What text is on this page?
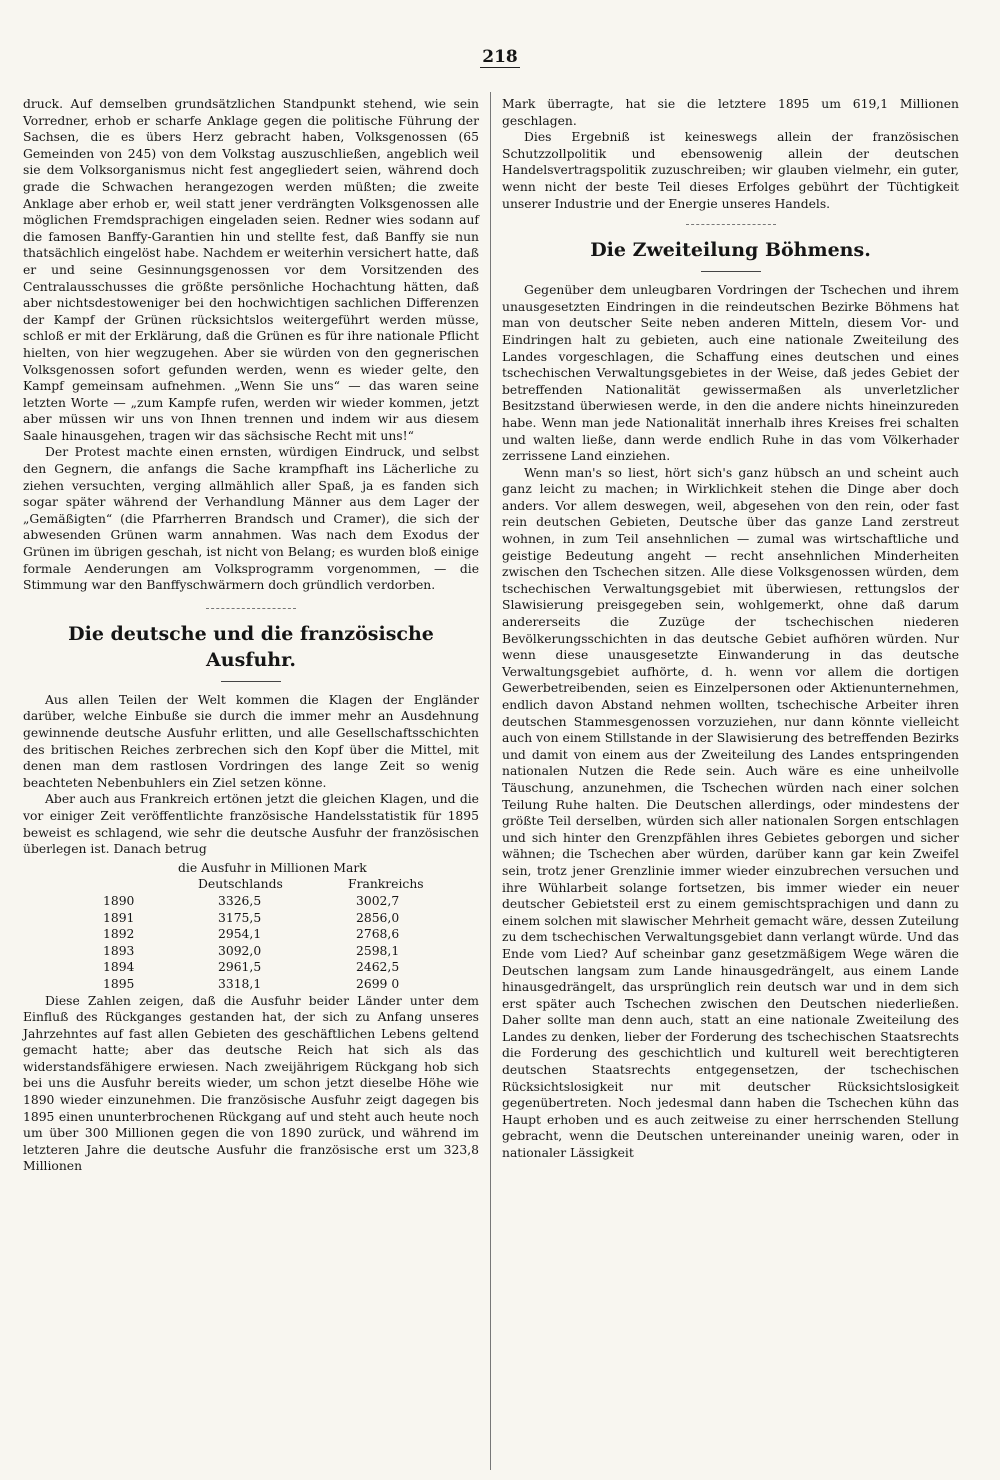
218

druck. Auf demselben grundsätzlichen Standpunkt stehend, wie sein Vorredner, erhob er scharfe Anklage gegen die politische Führung der Sachsen, die es übers Herz gebracht haben, Volksgenossen (65 Gemeinden von 245) von dem Volkstag auszuschließen, angeblich weil sie dem Volksorganismus nicht fest angegliedert seien, während doch grade die Schwachen herangezogen werden müßten; die zweite Anklage aber erhob er, weil statt jener verdrängten Volksgenossen alle möglichen Fremdsprachigen eingeladen seien. Redner wies sodann auf die famosen Banffy-Garantien hin und stellte fest, daß Banffy sie nun thatsächlich eingelöst habe. Nachdem er weiterhin versichert hatte, daß er und seine Gesinnungsgenossen vor dem Vorsitzenden des Centralausschusses die größte persönliche Hochachtung hätten, daß aber nichtsdestoweniger bei den hochwichtigen sachlichen Differenzen der Kampf der Grünen rücksichtslos weitergeführt werden müsse, schloß er mit der Erklärung, daß die Grünen es für ihre nationale Pflicht hielten, von hier wegzugehen. Aber sie würden von den gegnerischen Volksgenossen sofort gefunden werden, wenn es wieder gelte, den Kampf gemeinsam aufnehmen. „Wenn Sie uns“ — das waren seine letzten Worte — „zum Kampfe rufen, werden wir wieder kommen, jetzt aber müssen wir uns von Ihnen trennen und indem wir aus diesem Saale hinausgehen, tragen wir das sächsische Recht mit uns!“

Der Protest machte einen ernsten, würdigen Eindruck, und selbst den Gegnern, die anfangs die Sache krampfhaft ins Lächerliche zu ziehen versuchten, verging allmählich aller Spaß, ja es fanden sich sogar später während der Verhandlung Männer aus dem Lager der „Gemäßigten“ (die Pfarrherren Brandsch und Cramer), die sich der abwesenden Grünen warm annahmen. Was nach dem Exodus der Grünen im übrigen geschah, ist nicht von Belang; es wurden bloß einige formale Aenderungen am Volksprogramm vorgenommen, — die Stimmung war den Banffyschwärmern doch gründlich verdorben.

Die deutsche und die französische Ausfuhr.

Aus allen Teilen der Welt kommen die Klagen der Engländer darüber, welche Einbuße sie durch die immer mehr an Ausdehnung gewinnende deutsche Ausfuhr erlitten, und alle Gesellschaftsschichten des britischen Reiches zerbrechen sich den Kopf über die Mittel, mit denen man dem rastlosen Vordringen des lange Zeit so wenig beachteten Nebenbuhlers ein Ziel setzen könne.

Aber auch aus Frankreich ertönen jetzt die gleichen Klagen, und die vor einiger Zeit veröffentlichte französische Handelsstatistik für 1895 beweist es schlagend, wie sehr die deutsche Ausfuhr der französischen überlegen ist. Danach betrug

die Ausfuhr in Millionen Mark
	Deutschlands	Frankreichs
1890	3326,5	3002,7
1891	3175,5	2856,0
1892	2954,1	2768,6
1893	3092,0	2598,1
1894	2961,5	2462,5
1895	3318,1	2699 0

Diese Zahlen zeigen, daß die Ausfuhr beider Länder unter dem Einfluß des Rückganges gestanden hat, der sich zu Anfang unseres Jahrzehntes auf fast allen Gebieten des geschäftlichen Lebens geltend gemacht hatte; aber das deutsche Reich hat sich als das widerstandsfähigere erwiesen. Nach zweijährigem Rückgang hob sich bei uns die Ausfuhr bereits wieder, um schon jetzt dieselbe Höhe wie 1890 wieder einzunehmen. Die französische Ausfuhr zeigt dagegen bis 1895 einen ununterbrochenen Rückgang auf und steht auch heute noch um über 300 Millionen gegen die von 1890 zurück, und während im letzteren Jahre die deutsche Ausfuhr die französische erst um 323,8 Millionen

Mark überragte, hat sie die letztere 1895 um 619,1 Millionen geschlagen.

Dies Ergebniß ist keineswegs allein der französischen Schutzzollpolitik und ebensowenig allein der deutschen Handelsvertragspolitik zuzuschreiben; wir glauben vielmehr, ein guter, wenn nicht der beste Teil dieses Erfolges gebührt der Tüchtigkeit unserer Industrie und der Energie unseres Handels.

Die Zweiteilung Böhmens.

Gegenüber dem unleugbaren Vordringen der Tschechen und ihrem unausgesetzten Eindringen in die reindeutschen Bezirke Böhmens hat man von deutscher Seite neben anderen Mitteln, diesem Vor- und Eindringen halt zu gebieten, auch eine nationale Zweiteilung des Landes vorgeschlagen, die Schaffung eines deutschen und eines tschechischen Verwaltungsgebietes in der Weise, daß jedes Gebiet der betreffenden Nationalität gewissermaßen als unverletzlicher Besitzstand überwiesen werde, in den die andere nichts hineinzureden habe. Wenn man jede Nationalität innerhalb ihres Kreises frei schalten und walten ließe, dann werde endlich Ruhe in das vom Völkerhader zerrissene Land einziehen.

Wenn man's so liest, hört sich's ganz hübsch an und scheint auch ganz leicht zu machen; in Wirklichkeit stehen die Dinge aber doch anders. Vor allem deswegen, weil, abgesehen von den rein, oder fast rein deutschen Gebieten, Deutsche über das ganze Land zerstreut wohnen, in zum Teil ansehnlichen — zumal was wirtschaftliche und geistige Bedeutung angeht — recht ansehnlichen Minderheiten zwischen den Tschechen sitzen. Alle diese Volksgenossen würden, dem tschechischen Verwaltungsgebiet mit überwiesen, rettungslos der Slawisierung preisgegeben sein, wohlgemerkt, ohne daß darum andererseits die Zuzüge der tschechischen niederen Bevölkerungsschichten in das deutsche Gebiet aufhören würden. Nur wenn diese unausgesetzte Einwanderung in das deutsche Verwaltungsgebiet aufhörte, d. h. wenn vor allem die dortigen Gewerbetreibenden, seien es Einzelpersonen oder Aktienunternehmen, endlich davon Abstand nehmen wollten, tschechische Arbeiter ihren deutschen Stammesgenossen vorzuziehen, nur dann könnte vielleicht auch von einem Stillstande in der Slawisierung des betreffenden Bezirks und damit von einem aus der Zweiteilung des Landes entspringenden nationalen Nutzen die Rede sein. Auch wäre es eine unheilvolle Täuschung, anzunehmen, die Tschechen würden nach einer solchen Teilung Ruhe halten. Die Deutschen allerdings, oder mindestens der größte Teil derselben, würden sich aller nationalen Sorgen entschlagen und sich hinter den Grenzpfählen ihres Gebietes geborgen und sicher wähnen; die Tschechen aber würden, darüber kann gar kein Zweifel sein, trotz jener Grenzlinie immer wieder einzubrechen versuchen und ihre Wühlarbeit solange fortsetzen, bis immer wieder ein neuer deutscher Gebietsteil erst zu einem gemischtsprachigen und dann zu einem solchen mit slawischer Mehrheit gemacht wäre, dessen Zuteilung zu dem tschechischen Verwaltungsgebiet dann verlangt würde. Und das Ende vom Lied? Auf scheinbar ganz gesetzmäßigem Wege wären die Deutschen langsam zum Lande hinausgedrängelt, aus einem Lande hinausgedrängelt, das ursprünglich rein deutsch war und in dem sich erst später auch Tschechen zwischen den Deutschen niederließen. Daher sollte man denn auch, statt an eine nationale Zweiteilung des Landes zu denken, lieber der Forderung des tschechischen Staatsrechts die Forderung des geschichtlich und kulturell weit berechtigteren deutschen Staatsrechts entgegensetzen, der tschechischen Rücksichtslosigkeit nur mit deutscher Rücksichtslosigkeit gegenübertreten. Noch jedesmal dann haben die Tschechen kühn das Haupt erhoben und es auch zeitweise zu einer herrschenden Stellung gebracht, wenn die Deutschen untereinander uneinig waren, oder in nationaler Lässigkeit
